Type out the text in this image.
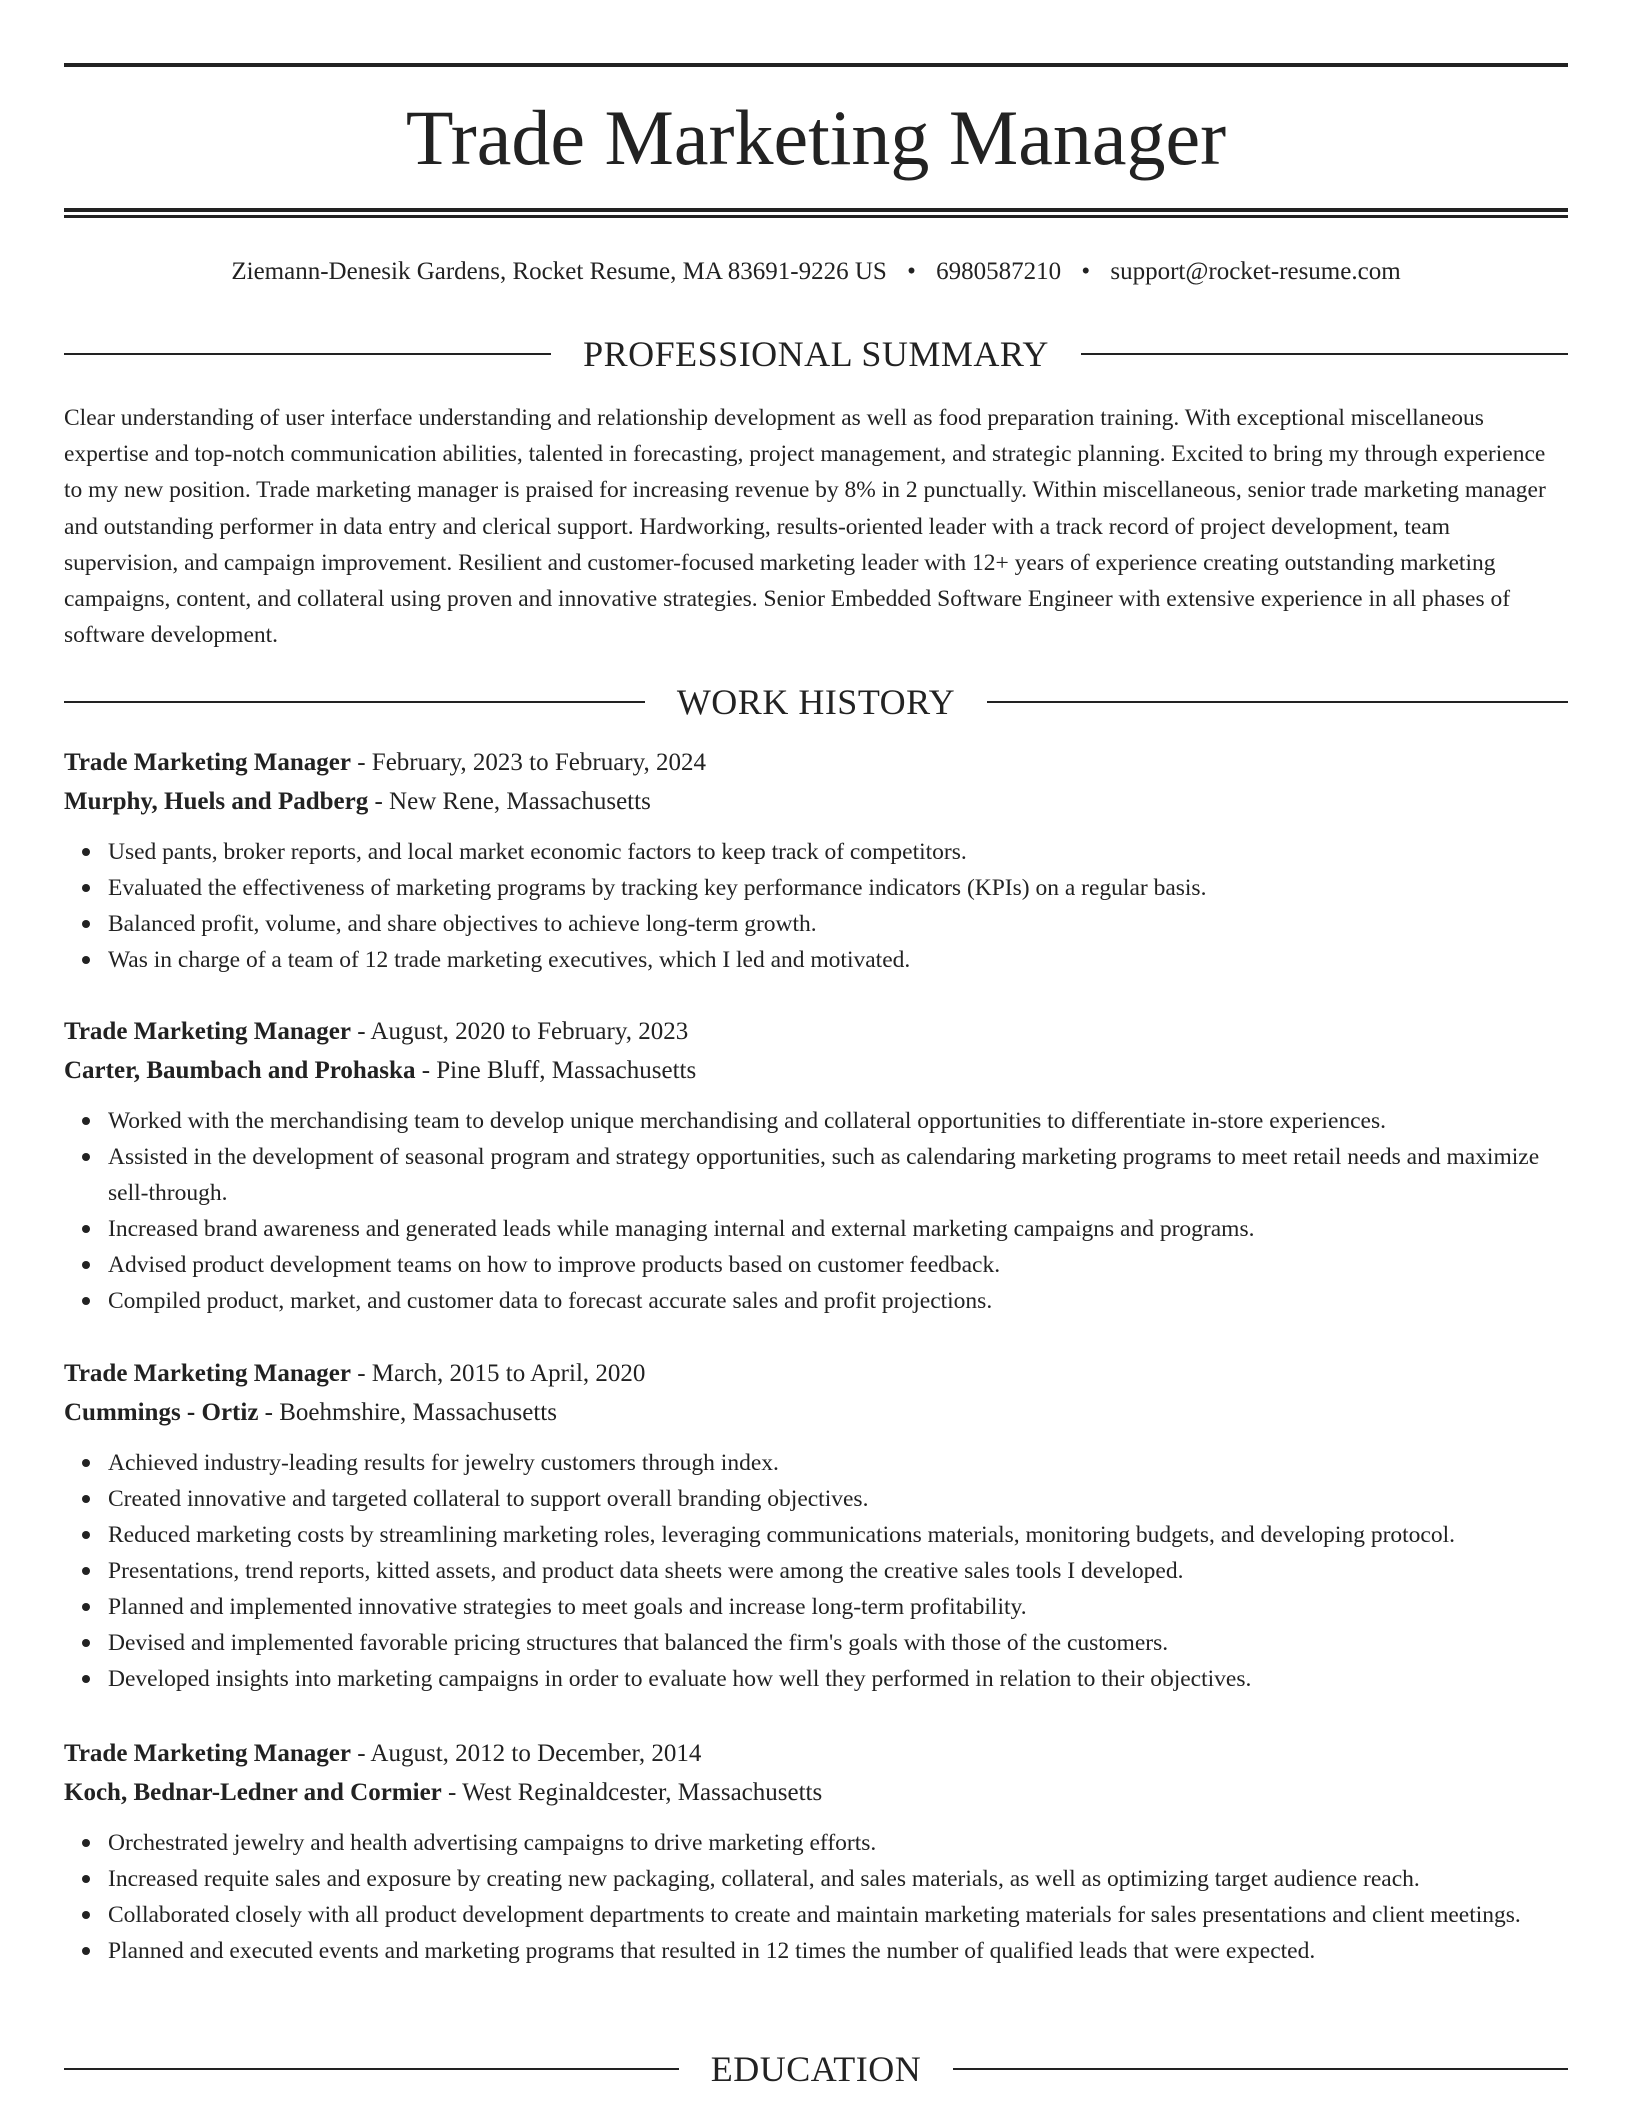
Trade Marketing Manager
Ziemann-Denesik Gardens, Rocket Resume, MA 83691-9226 US • 6980587210 • support@rocket-resume.com
PROFESSIONAL SUMMARY

Clear understanding of user interface understanding and relationship development as well as food preparation training. With exceptional miscellaneous expertise and top-notch communication abilities, talented in forecasting, project management, and strategic planning. Excited to bring my through experience to my new position. Trade marketing manager is praised for increasing revenue by 8% in 2 punctually. Within miscellaneous, senior trade marketing manager and outstanding performer in data entry and clerical support. Hardworking, results-oriented leader with a track record of project development, team supervision, and campaign improvement. Resilient and customer-focused marketing leader with 12+ years of experience creating outstanding marketing campaigns, content, and collateral using proven and innovative strategies. Senior Embedded Software Engineer with extensive experience in all phases of software development.

WORK HISTORY
Trade Marketing Manager - February, 2023 to February, 2024
Murphy, Huels and Padberg - New Rene, Massachusetts
Used pants, broker reports, and local market economic factors to keep track of competitors.
Evaluated the effectiveness of marketing programs by tracking key performance indicators (KPIs) on a regular basis.
Balanced profit, volume, and share objectives to achieve long-term growth.
Was in charge of a team of 12 trade marketing executives, which I led and motivated.
Trade Marketing Manager - August, 2020 to February, 2023
Carter, Baumbach and Prohaska - Pine Bluff, Massachusetts
Worked with the merchandising team to develop unique merchandising and collateral opportunities to differentiate in-store experiences.
Assisted in the development of seasonal program and strategy opportunities, such as calendaring marketing programs to meet retail needs and maximize sell-through.
Increased brand awareness and generated leads while managing internal and external marketing campaigns and programs.
Advised product development teams on how to improve products based on customer feedback.
Compiled product, market, and customer data to forecast accurate sales and profit projections.
Trade Marketing Manager - March, 2015 to April, 2020
Cummings - Ortiz - Boehmshire, Massachusetts
Achieved industry-leading results for jewelry customers through index.
Created innovative and targeted collateral to support overall branding objectives.
Reduced marketing costs by streamlining marketing roles, leveraging communications materials, monitoring budgets, and developing protocol.
Presentations, trend reports, kitted assets, and product data sheets were among the creative sales tools I developed.
Planned and implemented innovative strategies to meet goals and increase long-term profitability.
Devised and implemented favorable pricing structures that balanced the firm's goals with those of the customers.
Developed insights into marketing campaigns in order to evaluate how well they performed in relation to their objectives.
Trade Marketing Manager - August, 2012 to December, 2014
Koch, Bednar-Ledner and Cormier - West Reginaldcester, Massachusetts
Orchestrated jewelry and health advertising campaigns to drive marketing efforts.
Increased requite sales and exposure by creating new packaging, collateral, and sales materials, as well as optimizing target audience reach.
Collaborated closely with all product development departments to create and maintain marketing materials for sales presentations and client meetings.
Planned and executed events and marketing programs that resulted in 12 times the number of qualified leads that were expected.
EDUCATION
